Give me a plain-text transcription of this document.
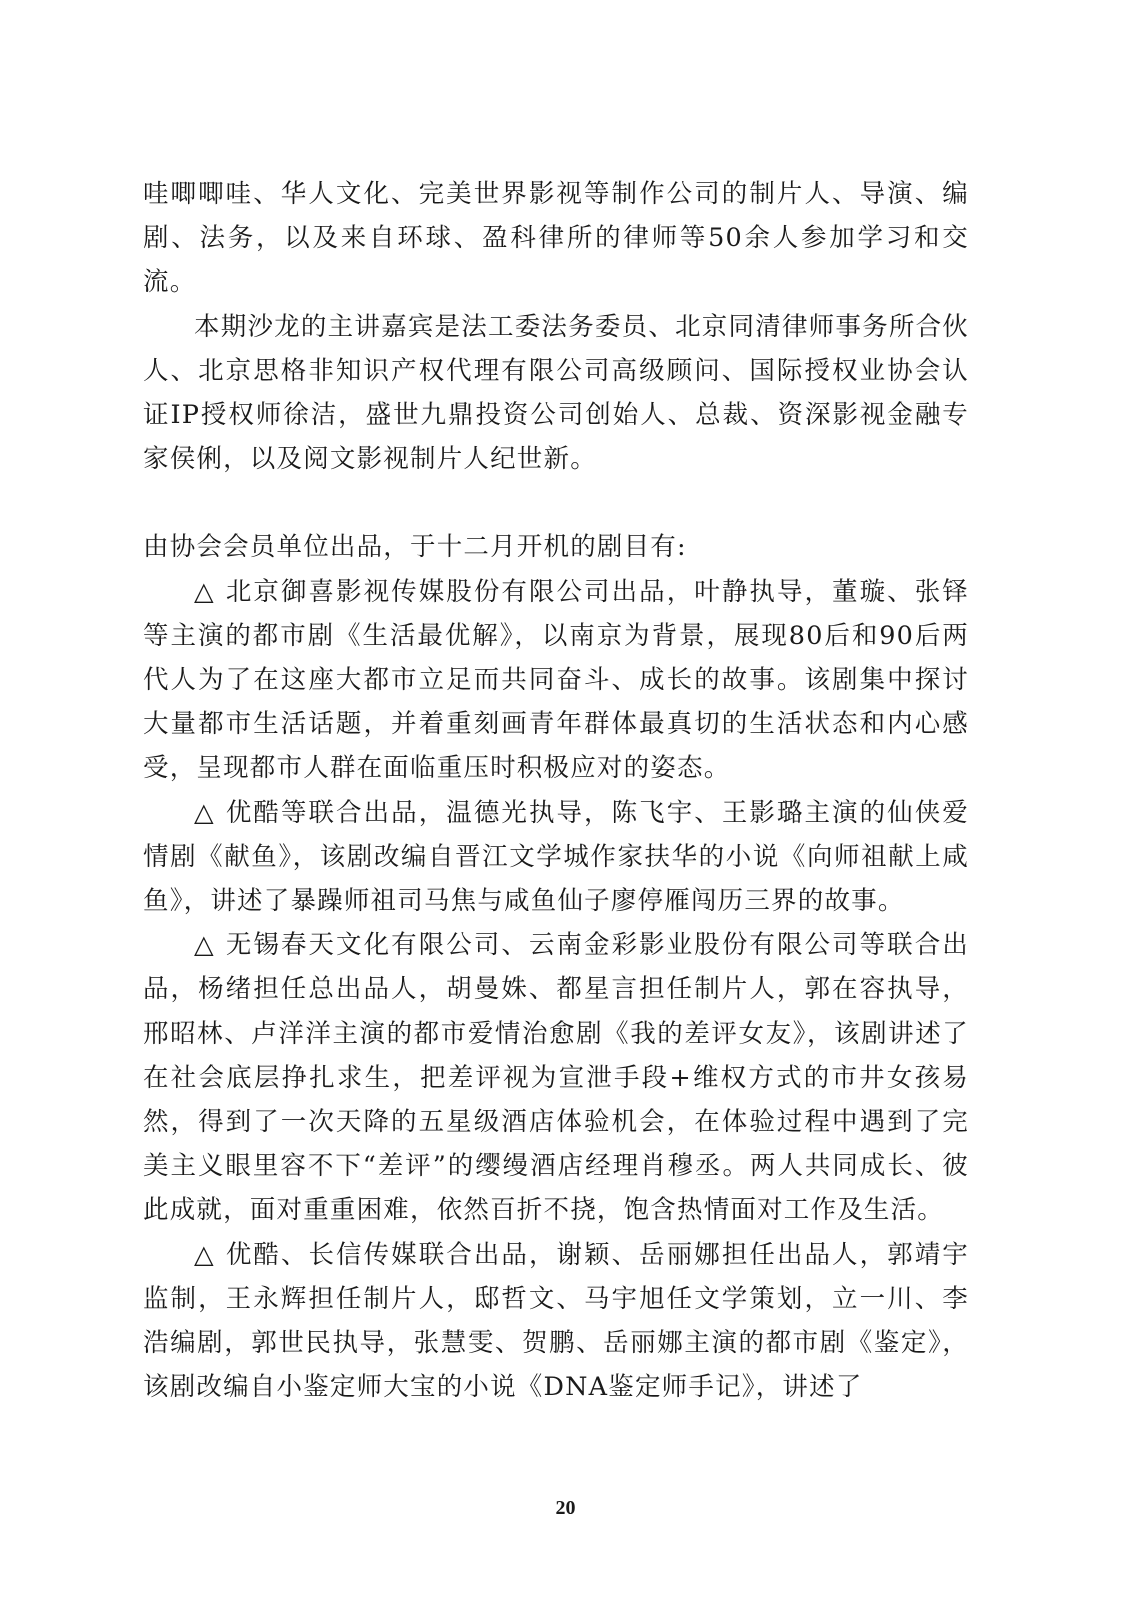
哇唧唧哇、华人文化、完美世界影视等制作公司的制片人、导演、编剧、法务，以及来自环球、盈科律所的律师等50余人参加学习和交流。

本期沙龙的主讲嘉宾是法工委法务委员、北京同清律师事务所合伙人、北京思格非知识产权代理有限公司高级顾问、国际授权业协会认证IP授权师徐洁，盛世九鼎投资公司创始人、总裁、资深影视金融专家侯俐，以及阅文影视制片人纪世新。

由协会会员单位出品，于十二月开机的剧目有:

△ 北京御喜影视传媒股份有限公司出品，叶静执导，董璇、张铎等主演的都市剧《生活最优解》，以南京为背景，展现80后和90后两代人为了在这座大都市立足而共同奋斗、成长的故事。该剧集中探讨大量都市生活话题，并着重刻画青年群体最真切的生活状态和内心感受，呈现都市人群在面临重压时积极应对的姿态。

△ 优酷等联合出品，温德光执导，陈飞宇、王影璐主演的仙侠爱情剧《献鱼》，该剧改编自晋江文学城作家扶华的小说《向师祖献上咸鱼》，讲述了暴躁师祖司马焦与咸鱼仙子廖停雁闯历三界的故事。

△ 无锡春天文化有限公司、云南金彩影业股份有限公司等联合出品，杨绪担任总出品人，胡曼姝、都星言担任制片人，郭在容执导，邢昭林、卢洋洋主演的都市爱情治愈剧《我的差评女友》，该剧讲述了在社会底层挣扎求生，把差评视为宣泄手段+维权方式的市井女孩易然，得到了一次天降的五星级酒店体验机会，在体验过程中遇到了完美主义眼里容不下“差评”的缨缦酒店经理肖穆丞。两人共同成长、彼此成就，面对重重困难，依然百折不挠，饱含热情面对工作及生活。

△ 优酷、长信传媒联合出品，谢颖、岳丽娜担任出品人，郭靖宇监制，王永辉担任制片人，邸哲文、马宇旭任文学策划，立一川、李浩编剧，郭世民执导，张慧雯、贺鹏、岳丽娜主演的都市剧《鉴定》，该剧改编自小鉴定师大宝的小说《DNA鉴定师手记》，讲述了

20
